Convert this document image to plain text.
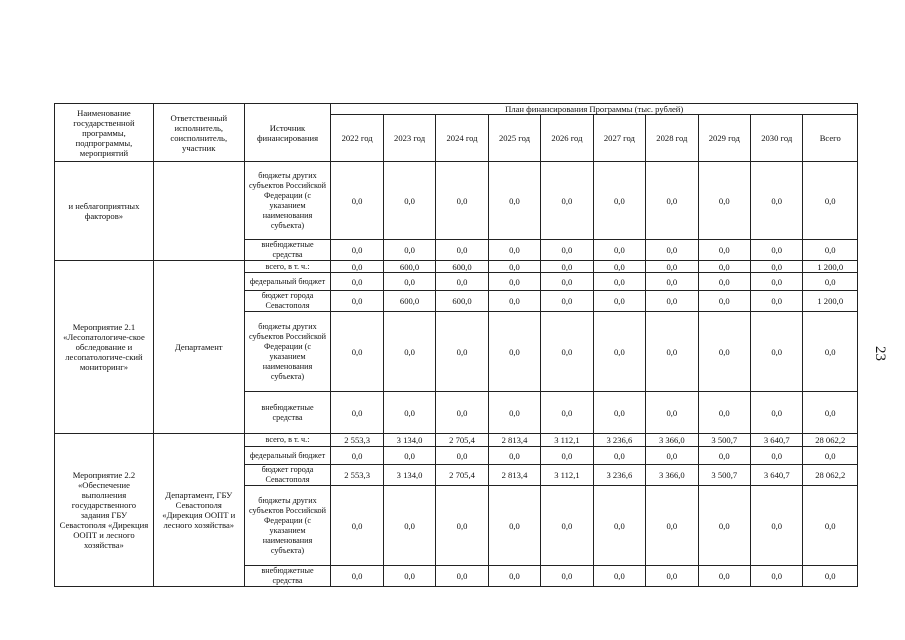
23
Наименование государственной программы, подпрограммы, мероприятий	Ответственный исполнитель, соисполнитель, участник	Источник финансирования	План финансирования Программы (тыс. рублей)									
			2022 год	2023 год	2024 год	2025 год	2026 год	2027 год	2028 год	2029 год	2030 год	Всего
и неблагоприятных факторов»		бюджеты других субъектов Российской Федерации (с указанием наименования субъекта)	0,0	0,0	0,0	0,0	0,0	0,0	0,0	0,0	0,0	0,0
		внебюджетные средства	0,0	0,0	0,0	0,0	0,0	0,0	0,0	0,0	0,0	0,0
Мероприятие 2.1 «Лесопатологиче-ское обследование и лесопатологиче-ский мониторинг»	Департамент	всего, в т. ч.:	0,0	600,0	600,0	0,0	0,0	0,0	0,0	0,0	0,0	1 200,0
		федеральный бюджет	0,0	0,0	0,0	0,0	0,0	0,0	0,0	0,0	0,0	0,0
		бюджет города Севастополя	0,0	600,0	600,0	0,0	0,0	0,0	0,0	0,0	0,0	1 200,0
		бюджеты других субъектов Российской Федерации (с указанием наименования субъекта)	0,0	0,0	0,0	0,0	0,0	0,0	0,0	0,0	0,0	0,0
		внебюджетные средства	0,0	0,0	0,0	0,0	0,0	0,0	0,0	0,0	0,0	0,0
Мероприятие 2.2 «Обеспечение выполнения государственного задания ГБУ Севастополя «Дирекция ООПТ и лесного хозяйства»	Департамент, ГБУ Севастополя «Дирекция ООПТ и лесного хозяйства»	всего, в т. ч.:	2 553,3	3 134,0	2 705,4	2 813,4	3 112,1	3 236,6	3 366,0	3 500,7	3 640,7	28 062,2
		федеральный бюджет	0,0	0,0	0,0	0,0	0,0	0,0	0,0	0,0	0,0	0,0
		бюджет города Севастополя	2 553,3	3 134,0	2 705,4	2 813,4	3 112,1	3 236,6	3 366,0	3 500,7	3 640,7	28 062,2
		бюджеты других субъектов Российской Федерации (с указанием наименования субъекта)	0,0	0,0	0,0	0,0	0,0	0,0	0,0	0,0	0,0	0,0
		внебюджетные средства	0,0	0,0	0,0	0,0	0,0	0,0	0,0	0,0	0,0	0,0
